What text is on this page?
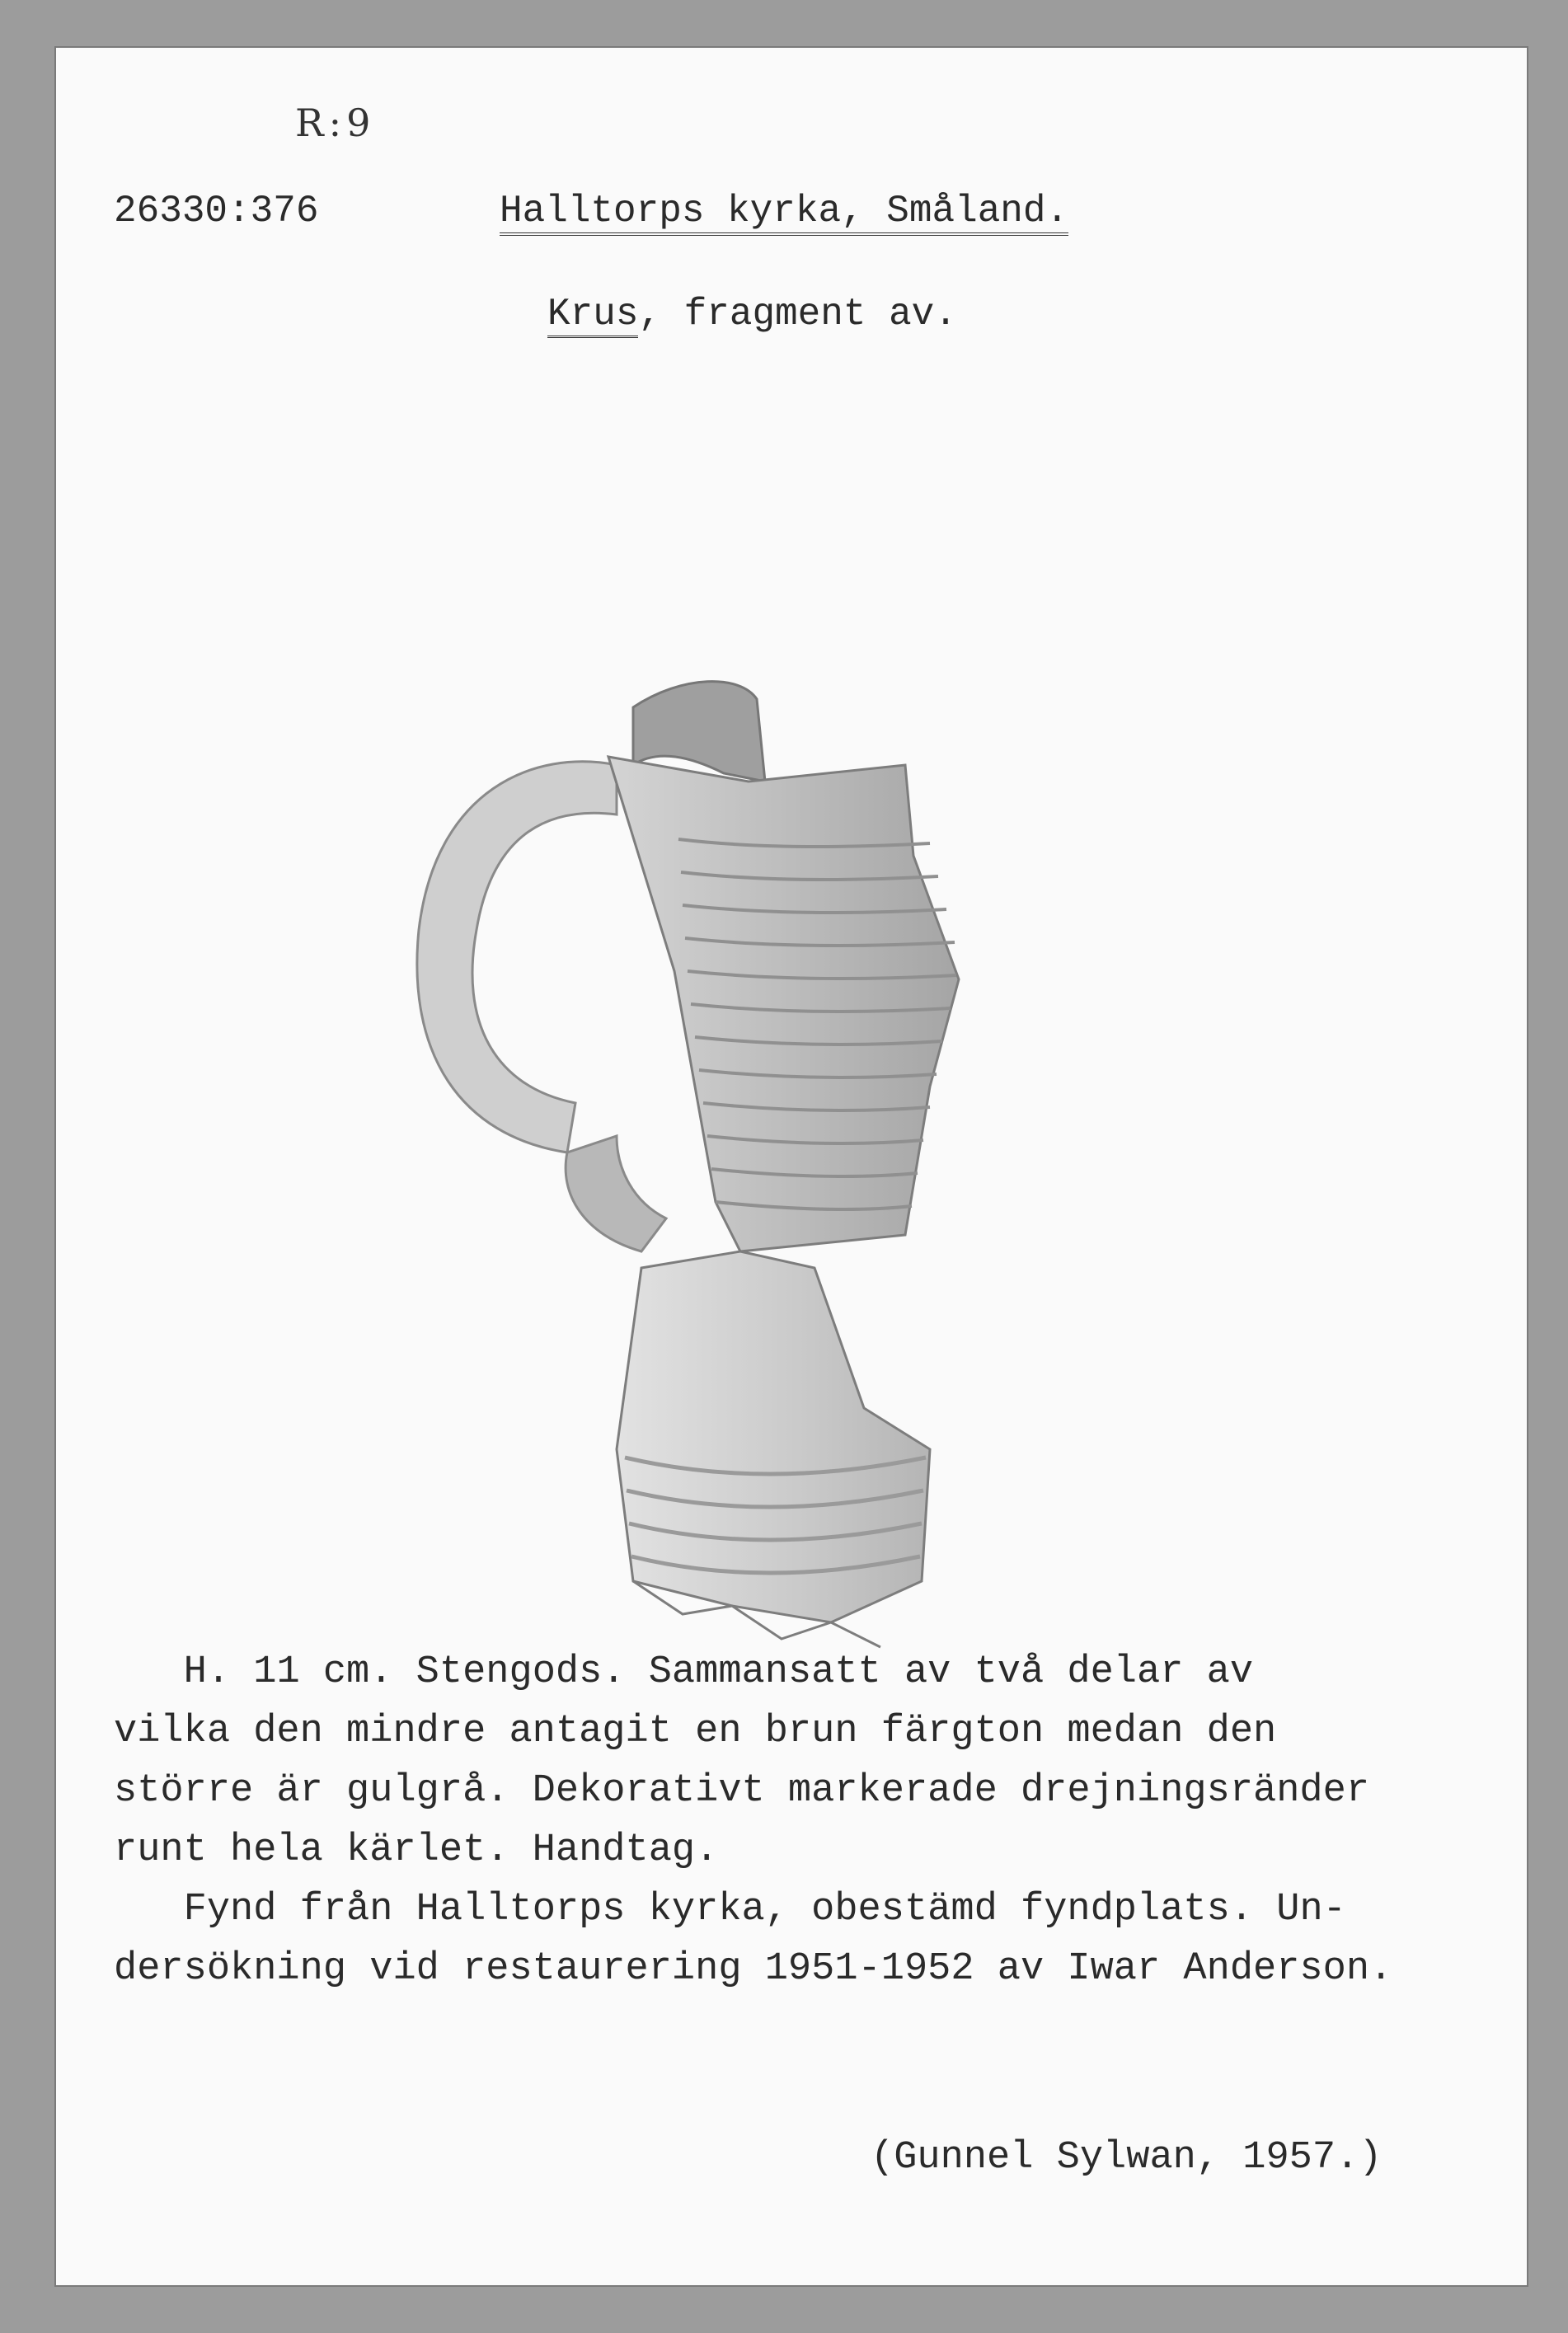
R:9
26330:376	Halltorps kyrka, Småland.
Krus, fragment av.

H. 11 cm. Stengods. Sammansatt av två delar av

vilka den mindre antagit en brun färgton medan den

större är gulgrå. Dekorativt markerade drejningsränder

runt hela kärlet. Handtag.

Fynd från Halltorps kyrka, obestämd fyndplats. Un-

dersökning vid restaurering 1951-1952 av Iwar Anderson.

(Gunnel Sylwan, 1957.)
